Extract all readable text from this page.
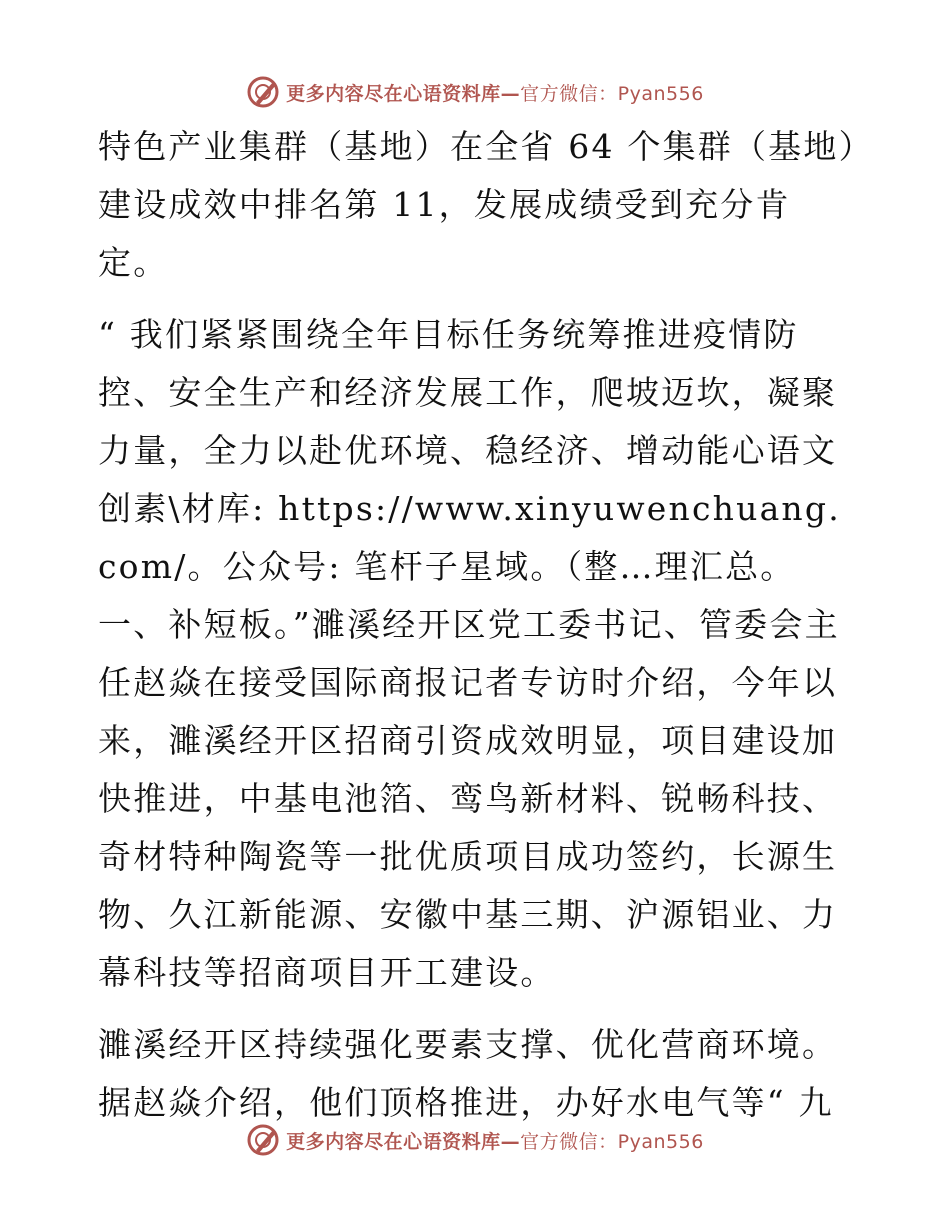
更多内容尽在心语资料库—官方微信：Pyan556

特色产业集群（基地）在全省 64 个集群（基地）建设成效中排名第 11，发展成绩受到充分肯定。

“ 我们紧紧围绕全年目标任务统筹推进疫情防控、安全生产和经济发展工作，爬坡迈坎，凝聚力量，全力以赴优环境、稳经济、增动能心语文创素\材库: https://www.xinyuwenchuang.com/。公众号: 笔杆子星域。（整…理汇总。一、补短板。”濉溪经开区党工委书记、管委会主任赵焱在接受国际商报记者专访时介绍，今年以来，濉溪经开区招商引资成效明显，项目建设加快推进，中基电池箔、鸾鸟新材料、锐畅科技、奇材特种陶瓷等一批优质项目成功签约，长源生物、久江新能源、安徽中基三期、沪源铝业、力幕科技等招商项目开工建设。

濉溪经开区持续强化要素支撑、优化营商环境。据赵焱介绍，他们顶格推进，办好水电气等“ 九

更多内容尽在心语资料库—官方微信：Pyan556
